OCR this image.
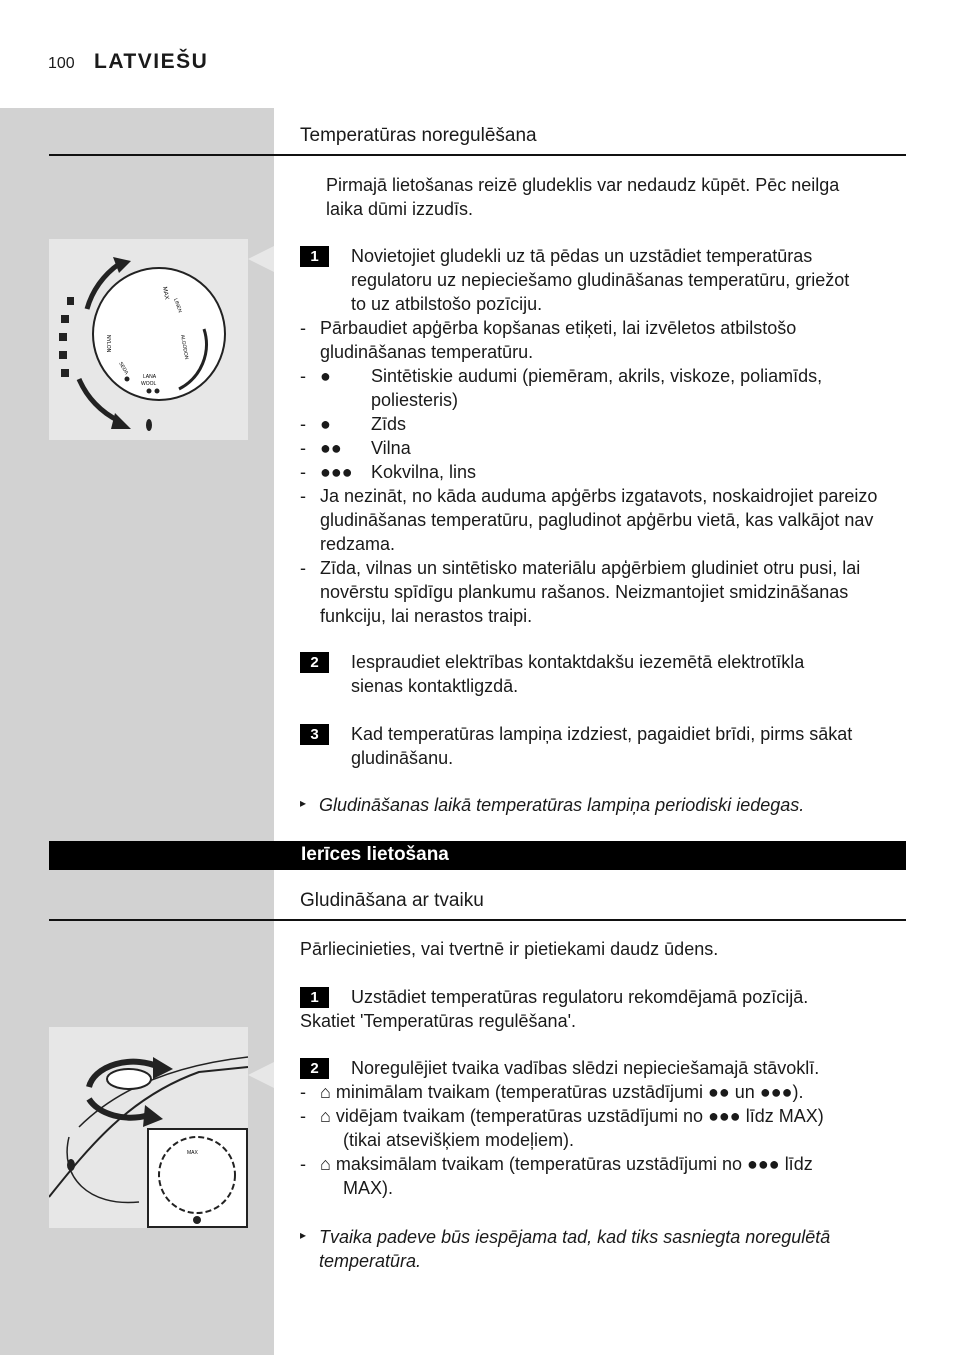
100 LATVIEŠU
Temperatūras noregulēšana
Pirmajā lietošanas reizē gludeklis var nedaudz kūpēt. Pēc neilga
laika dūmi izzudīs.
MAX
LINEN
ALGODON
LANA
WOOL
SEDA
NYLON
1	Novietojiet gludekli uz tā pēdas un uzstādiet temperatūras
regulatoru uz nepieciešamo gludināšanas temperatūru, griežot
to uz atbilstošo pozīciju.
- Pārbaudiet apģērba kopšanas etiķeti, lai izvēletos atbilstošo
gludināšanas temperatūru.
- ● Sintētiskie audumi (piemēram, akrils, viskoze, poliamīds,
poliesteris)
- ● Zīds
- ●● Vilna
- ●●● Kokvilna, lins
- Ja nezināt, no kāda auduma apģērbs izgatavots, noskaidrojiet pareizo
gludināšanas temperatūru, pagludinot apģērbu vietā, kas valkājot nav
redzama.
- Zīda, vilnas un sintētisko materiālu apģērbiem gludiniet otru pusi, lai
novērstu spīdīgu plankumu rašanos. Neizmantojiet smidzināšanas
funkciju, lai nerastos traipi.
2	Iespraudiet elektrības kontaktdakšu iezemētā elektrotīkla
sienas kontaktligzdā.
3	Kad temperatūras lampiņa izdziest, pagaidiet brīdi, pirms sākat
gludināšanu.
▸ Gludināšanas laikā temperatūras lampiņa periodiski iedegas.
Ierīces lietošana
Gludināšana ar tvaiku
Pārliecinieties, vai tvertnē ir pietiekami daudz ūdens.
1	Uzstādiet temperatūras regulatoru rekomdējamā pozīcijā.
Skatiet 'Temperatūras regulēšana'.
MAX
2	Noregulējiet tvaika vadības slēdzi nepieciešamajā stāvoklī.
- ⌂ minimālam tvaikam (temperatūras uzstādījumi ●● un ●●●).
- ⌂ vidējam tvaikam (temperatūras uzstādījumi no ●●● līdz MAX)
(tikai atsevišķiem modeļiem).
- ⌂ maksimālam tvaikam (temperatūras uzstādījumi no ●●● līdz
MAX).
▸ Tvaika padeve būs iespējama tad, kad tiks sasniegta noregulētā
temperatūra.
